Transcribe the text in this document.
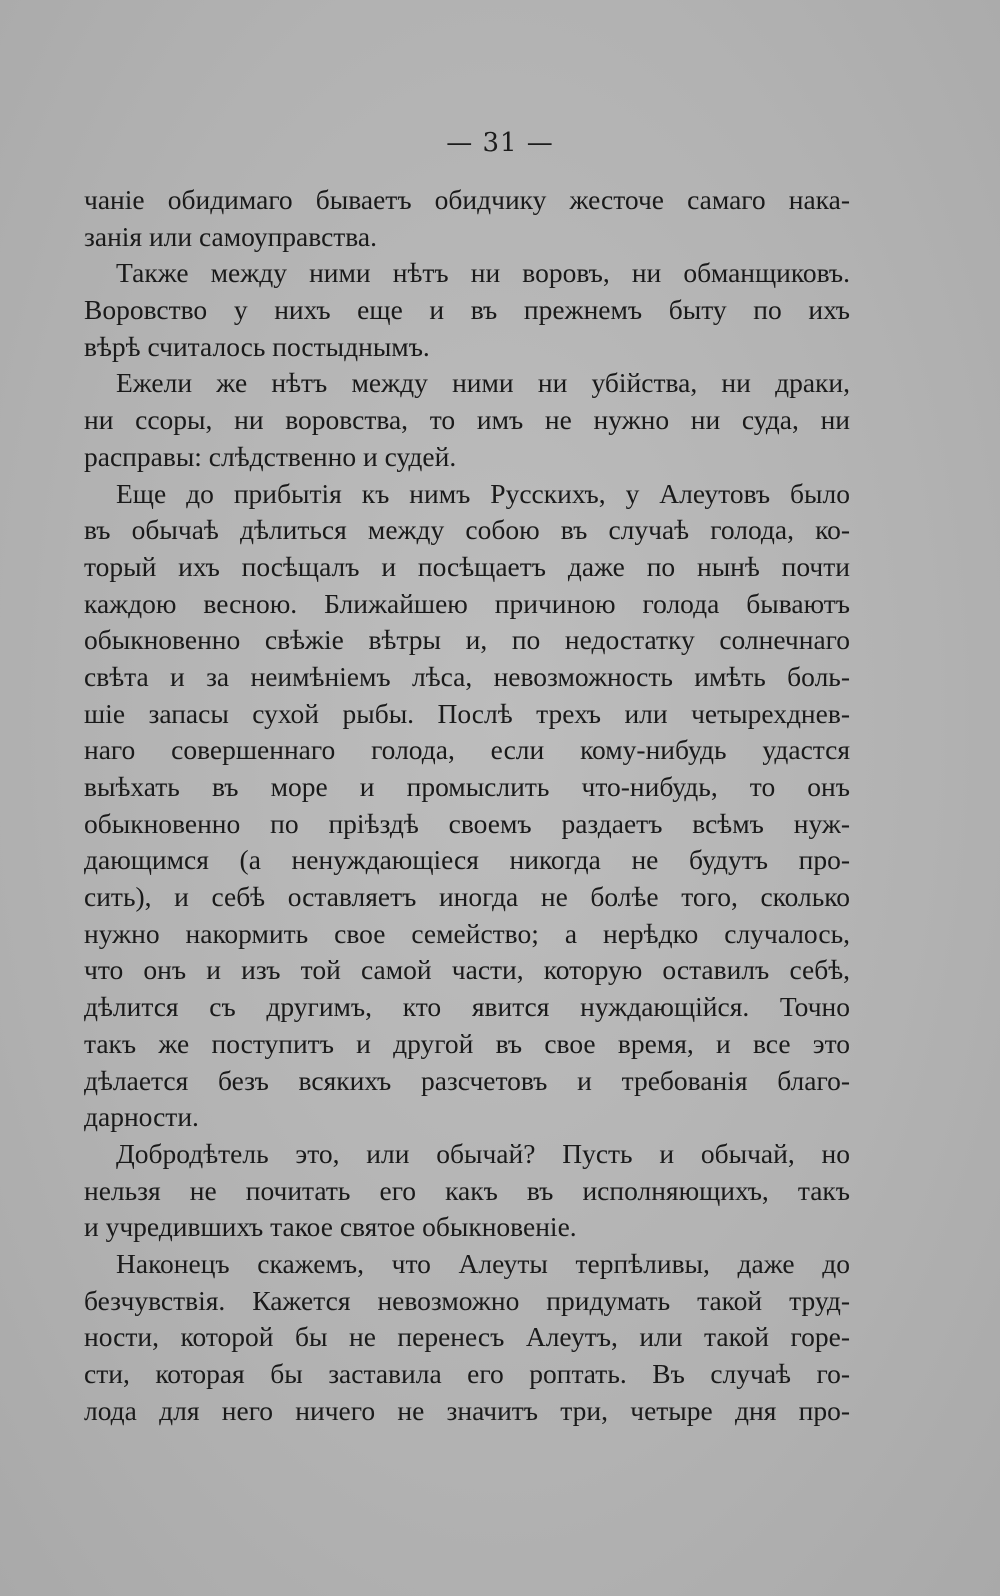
— 31 —
чаніе обидимаго бываетъ обидчику жесточе самаго нака-
занія или самоуправства.
Также между ними нѣтъ ни воровъ, ни обманщиковъ.
Воровство у нихъ еще и въ прежнемъ быту по ихъ
вѣрѣ считалось постыднымъ.
Ежели же нѣтъ между ними ни убійства, ни драки,
ни ссоры, ни воровства, то имъ не нужно ни суда, ни
расправы: слѣдственно и судей.
Еще до прибытія къ нимъ Русскихъ, у Алеутовъ было
въ обычаѣ дѣлиться между собою въ случаѣ голода, ко-
торый ихъ посѣщалъ и посѣщаетъ даже по нынѣ почти
каждою весною. Ближайшею причиною голода бываютъ
обыкновенно свѣжіе вѣтры и, по недостатку солнечнаго
свѣта и за неимѣніемъ лѣса, невозможность имѣть боль-
шіе запасы сухой рыбы. Послѣ трехъ или четырехднев-
наго совершеннаго голода, если кому-нибудь удастся
выѣхать въ море и промыслить что-нибудь, то онъ
обыкновенно по пріѣздѣ своемъ раздаетъ всѣмъ нуж-
дающимся (а ненуждающіеся никогда не будутъ про-
сить), и себѣ оставляетъ иногда не болѣе того, сколько
нужно накормить свое семейство; а нерѣдко случалось,
что онъ и изъ той самой части, которую оставилъ себѣ,
дѣлится съ другимъ, кто явится нуждающійся. Точно
такъ же поступитъ и другой въ свое время, и все это
дѣлается безъ всякихъ разсчетовъ и требованія благо-
дарности.
Добродѣтель это, или обычай? Пусть и обычай, но
нельзя не почитать его какъ въ исполняющихъ, такъ
и учредившихъ такое святое обыкновеніе.
Наконецъ скажемъ, что Алеуты терпѣливы, даже до
безчувствія. Кажется невозможно придумать такой труд-
ности, которой бы не перенесъ Алеутъ, или такой горе-
сти, которая бы заставила его роптать. Въ случаѣ го-
лода для него ничего не значитъ три, четыре дня про-
